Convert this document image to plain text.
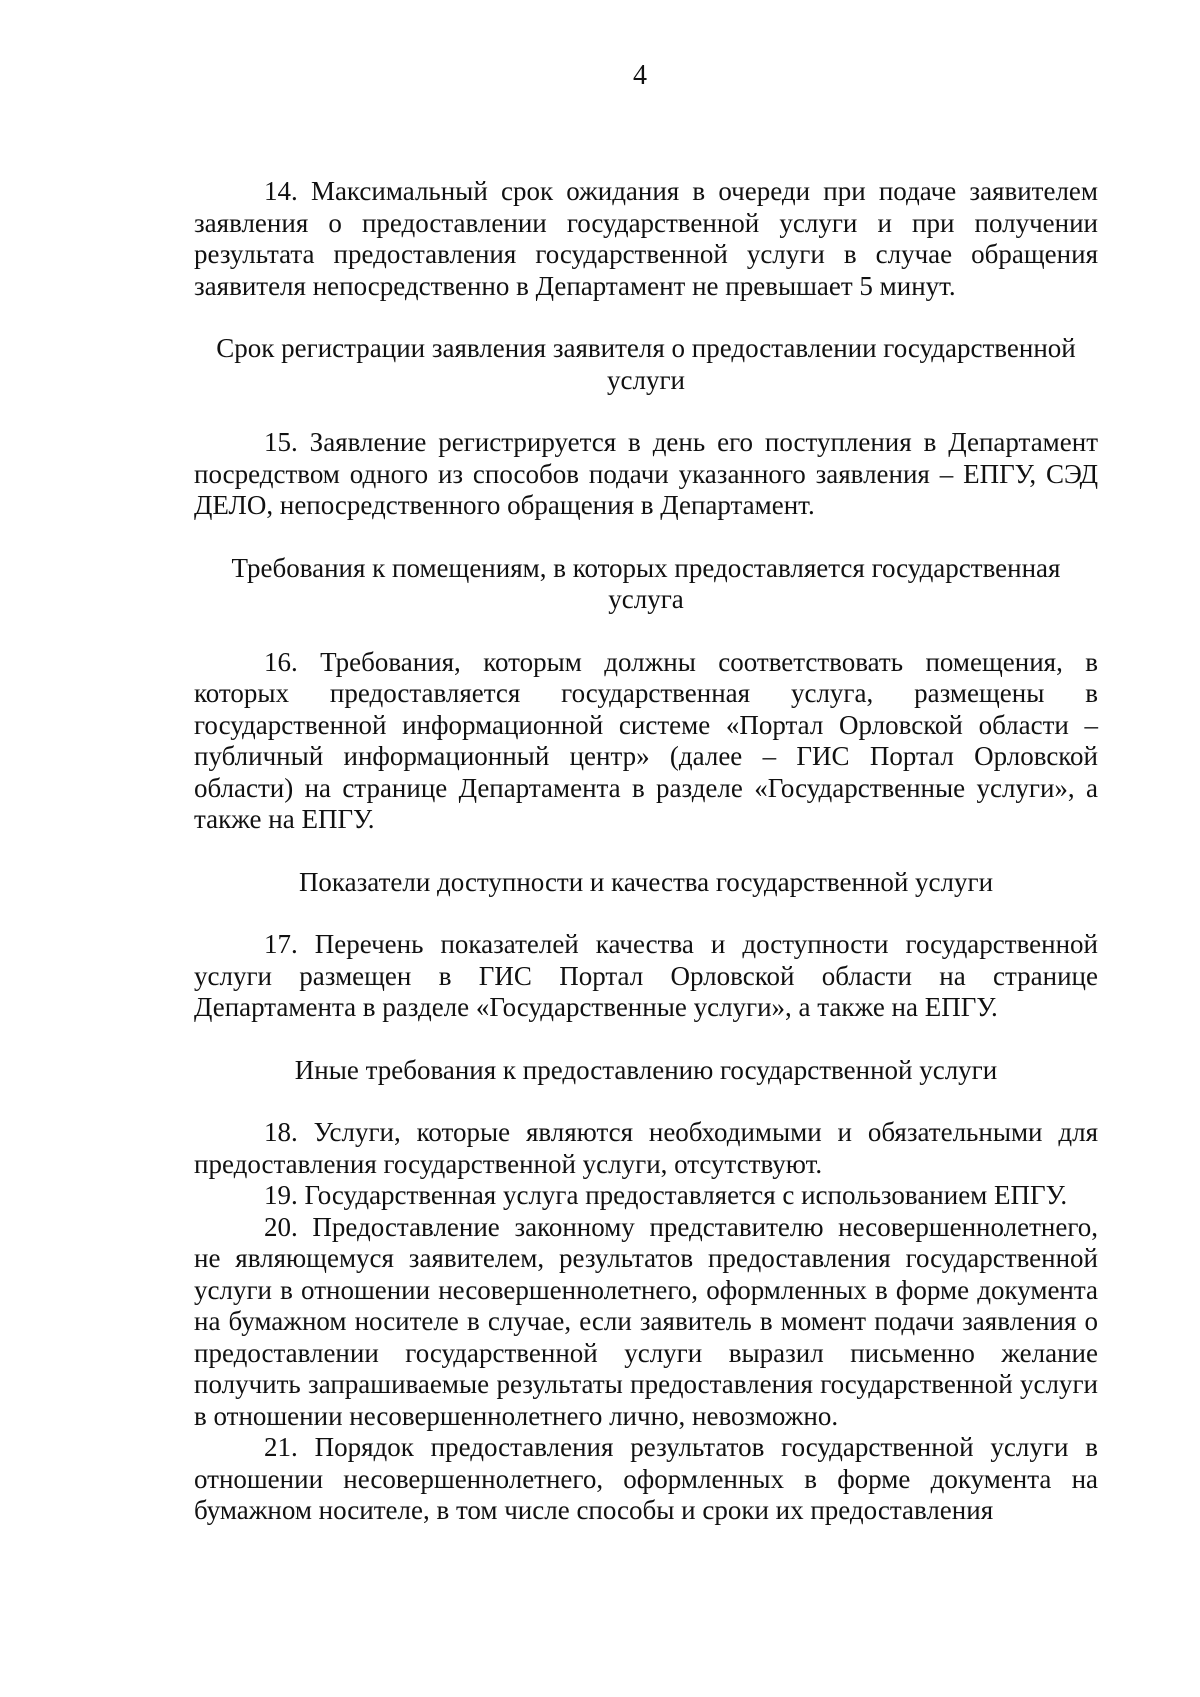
4

14. Максимальный срок ожидания в очереди при подаче заявителем заявления о предоставлении государственной услуги и при получении результата предоставления государственной услуги в случае обращения заявителя непосредственно в Департамент не превышает 5 минут.

Срок регистрации заявления заявителя о предоставлении государственной услуги

15. Заявление регистрируется в день его поступления в Департамент посредством одного из способов подачи указанного заявления – ЕПГУ, СЭД ДЕЛО, непосредственного обращения в Департамент.

Требования к помещениям, в которых предоставляется государственная услуга

16. Требования, которым должны соответствовать помещения, в которых предоставляется государственная услуга, размещены в государственной информационной системе «Портал Орловской области – публичный информационный центр» (далее – ГИС Портал Орловской области) на странице Департамента в разделе «Государственные услуги», а также на ЕПГУ.

Показатели доступности и качества государственной услуги

17. Перечень показателей качества и доступности государственной услуги размещен в ГИС Портал Орловской области на странице Департамента в разделе «Государственные услуги», а также на ЕПГУ.

Иные требования к предоставлению государственной услуги

18. Услуги, которые являются необходимыми и обязательными для предоставления государственной услуги, отсутствуют.

19. Государственная услуга предоставляется с использованием ЕПГУ.

20. Предоставление законному представителю несовершеннолетнего, не являющемуся заявителем, результатов предоставления государственной услуги в отношении несовершеннолетнего, оформленных в форме документа на бумажном носителе в случае, если заявитель в момент подачи заявления о предоставлении государственной услуги выразил письменно желание получить запрашиваемые результаты предоставления государственной услуги в отношении несовершеннолетнего лично, невозможно.

21. Порядок предоставления результатов государственной услуги в отношении несовершеннолетнего, оформленных в форме документа на бумажном носителе, в том числе способы и сроки их предоставления
